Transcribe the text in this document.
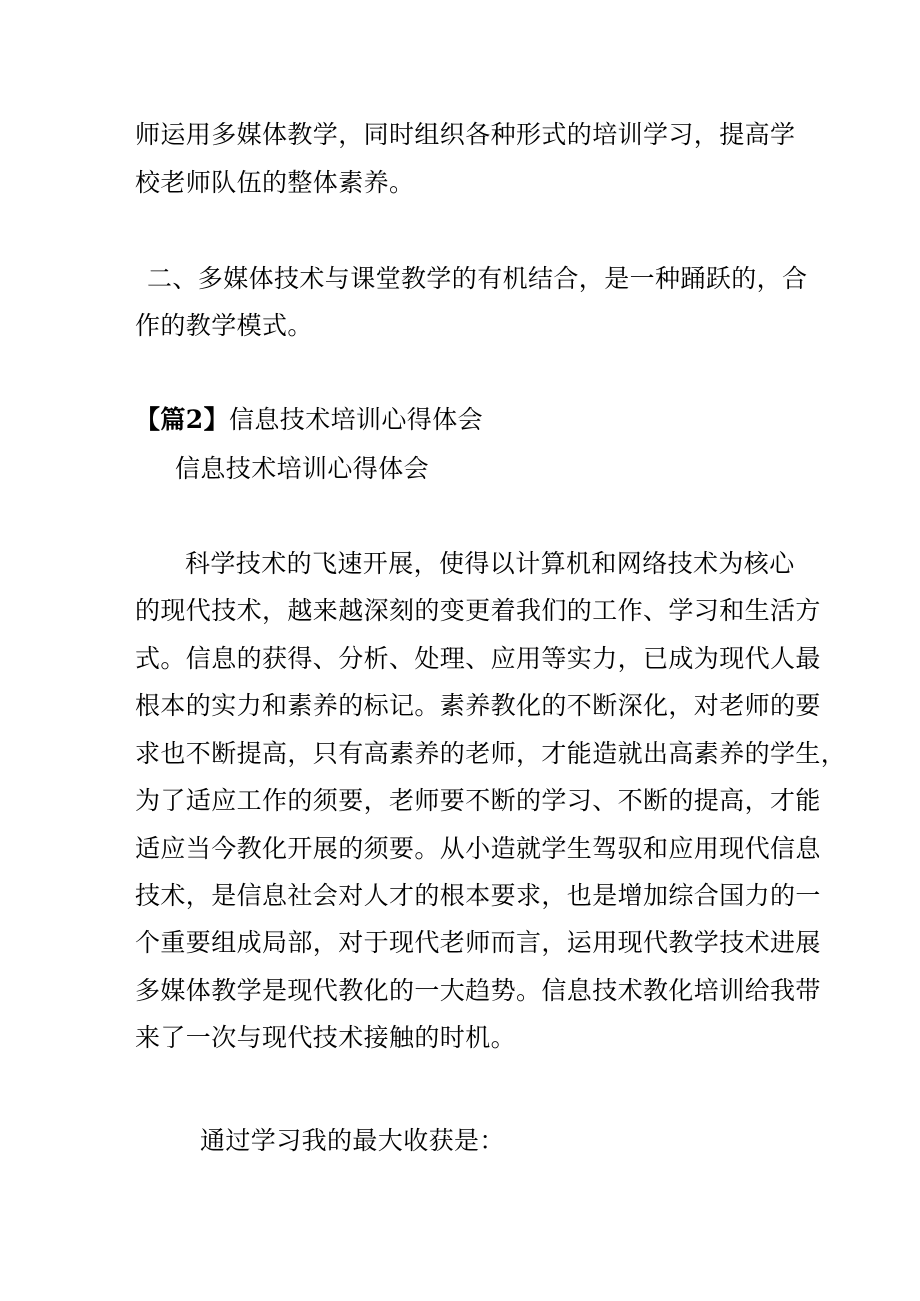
师运用多媒体教学，同时组织各种形式的培训学习，提高学
校老师队伍的整体素养。
二、多媒体技术与课堂教学的有机结合，是一种踊跃的，合
作的教学模式。
【篇2】信息技术培训心得体会
信息技术培训心得体会
科学技术的飞速开展，使得以计算机和网络技术为核心
的现代技术，越来越深刻的变更着我们的工作、学习和生活方
式。信息的获得、分析、处理、应用等实力，已成为现代人最
根本的实力和素养的标记。素养教化的不断深化，对老师的要
求也不断提高，只有高素养的老师，才能造就出高素养的学生，
为了适应工作的须要，老师要不断的学习、不断的提高，才能
适应当今教化开展的须要。从小造就学生驾驭和应用现代信息
技术，是信息社会对人才的根本要求，也是增加综合国力的一
个重要组成局部，对于现代老师而言，运用现代教学技术进展
多媒体教学是现代教化的一大趋势。信息技术教化培训给我带
来了一次与现代技术接触的时机。
通过学习我的最大收获是：
